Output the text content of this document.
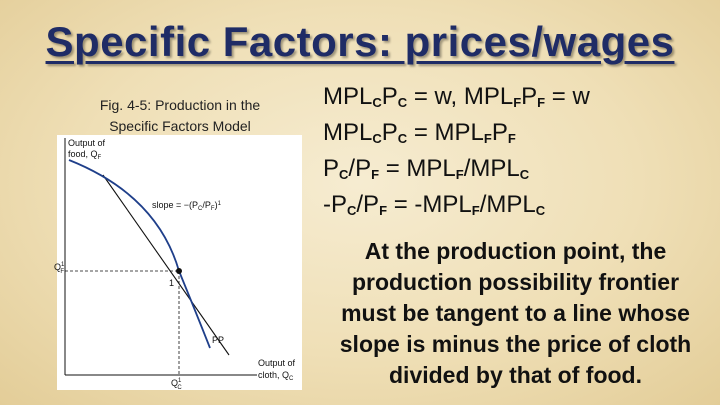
Specific Factors: prices/wages
Fig. 4-5: Production in the
Specific Factors Model
Output of
food, $Q_F$
1
slope = $-(P_C/P_F)^1$
$Q^1$ F
$Q^1$ C
PP
Output of
cloth, $Q_C$
$MPL_CP_C = w$, $MPL_FP_F = w$
$MPL_CP_C = MPL_FP_F$
$P_C/P_F = MPL_F/MPL_C$
$-P_C/P_F = -MPL_F/MPL_C$
At the production point, the production possibility frontier must be tangent to a line whose slope is minus the price of cloth divided by that of food.
